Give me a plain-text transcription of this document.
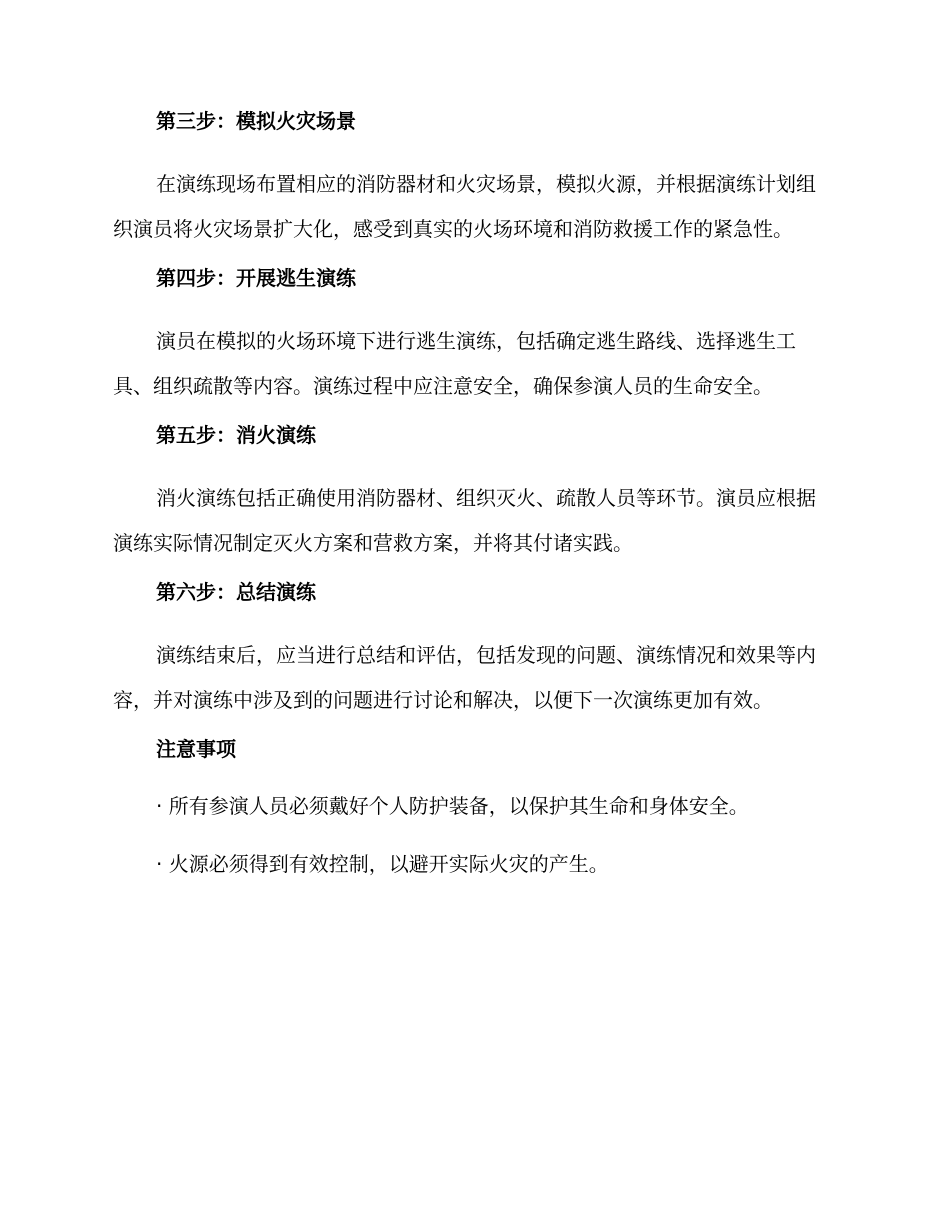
第三步：模拟火灾场景

在演练现场布置相应的消防器材和火灾场景，模拟火源，并根据演练计划组织演员将火灾场景扩大化，感受到真实的火场环境和消防救援工作的紧急性。

第四步：开展逃生演练

演员在模拟的火场环境下进行逃生演练，包括确定逃生路线、选择逃生工具、组织疏散等内容。演练过程中应注意安全，确保参演人员的生命安全。

第五步：消火演练

消火演练包括正确使用消防器材、组织灭火、疏散人员等环节。演员应根据演练实际情况制定灭火方案和营救方案，并将其付诸实践。

第六步：总结演练

演练结束后，应当进行总结和评估，包括发现的问题、演练情况和效果等内容，并对演练中涉及到的问题进行讨论和解决，以便下一次演练更加有效。

注意事项
· 所有参演人员必须戴好个人防护装备，以保护其生命和身体安全。
· 火源必须得到有效控制，以避开实际火灾的产生。
